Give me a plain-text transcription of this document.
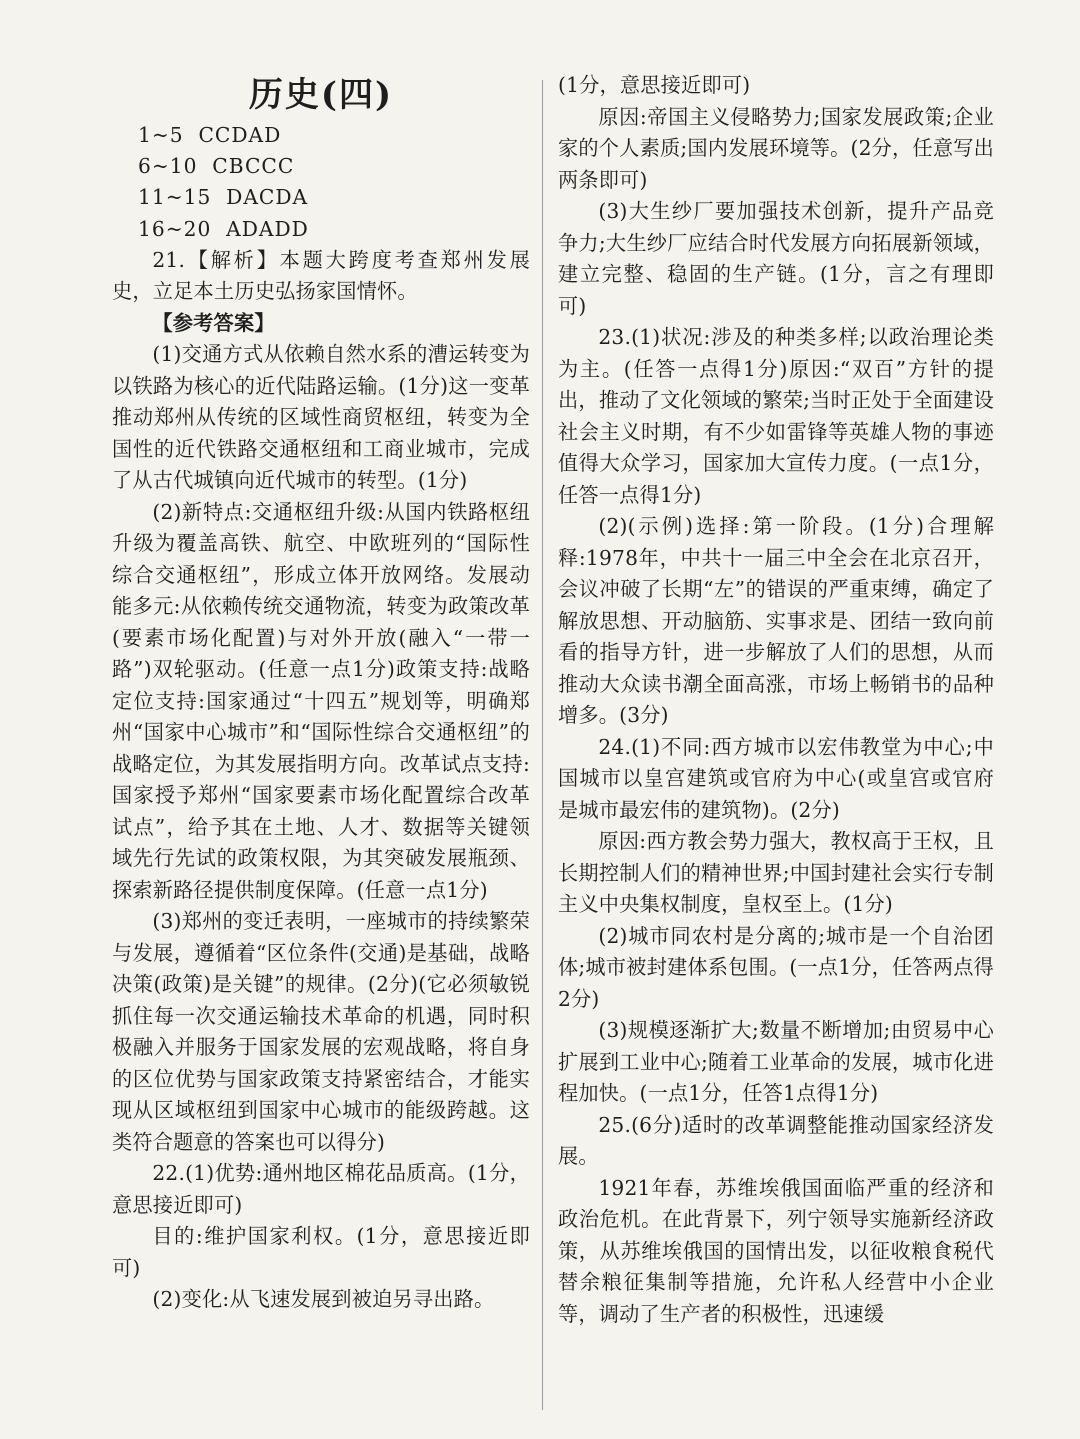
历史(四)

1~5 CCDAD

6~10 CBCCC

11~15 DACDA

16~20 ADADD

21.【解析】本题大跨度考查郑州发展史，立足本土历史弘扬家国情怀。

【参考答案】

(1)交通方式从依赖自然水系的漕运转变为以铁路为核心的近代陆路运输。(1分)这一变革推动郑州从传统的区域性商贸枢纽，转变为全国性的近代铁路交通枢纽和工商业城市，完成了从古代城镇向近代城市的转型。(1分)

(2)新特点:交通枢纽升级:从国内铁路枢纽升级为覆盖高铁、航空、中欧班列的“国际性综合交通枢纽”，形成立体开放网络。发展动能多元:从依赖传统交通物流，转变为政策改革(要素市场化配置)与对外开放(融入“一带一路”)双轮驱动。(任意一点1分)政策支持:战略定位支持:国家通过“十四五”规划等，明确郑州“国家中心城市”和“国际性综合交通枢纽”的战略定位，为其发展指明方向。改革试点支持:国家授予郑州“国家要素市场化配置综合改革试点”，给予其在土地、人才、数据等关键领域先行先试的政策权限，为其突破发展瓶颈、探索新路径提供制度保障。(任意一点1分)

(3)郑州的变迁表明，一座城市的持续繁荣与发展，遵循着“区位条件(交通)是基础，战略决策(政策)是关键”的规律。(2分)(它必须敏锐抓住每一次交通运输技术革命的机遇，同时积极融入并服务于国家发展的宏观战略，将自身的区位优势与国家政策支持紧密结合，才能实现从区域枢纽到国家中心城市的能级跨越。这类符合题意的答案也可以得分)

22.(1)优势:通州地区棉花品质高。(1分，意思接近即可)

目的:维护国家利权。(1分，意思接近即可)

(2)变化:从飞速发展到被迫另寻出路。

(1分，意思接近即可)

原因:帝国主义侵略势力;国家发展政策;企业家的个人素质;国内发展环境等。(2分，任意写出两条即可)

(3)大生纱厂要加强技术创新，提升产品竞争力;大生纱厂应结合时代发展方向拓展新领域，建立完整、稳固的生产链。(1分，言之有理即可)

23.(1)状况:涉及的种类多样;以政治理论类为主。(任答一点得1分)原因:“双百”方针的提出，推动了文化领域的繁荣;当时正处于全面建设社会主义时期，有不少如雷锋等英雄人物的事迹值得大众学习，国家加大宣传力度。(一点1分，任答一点得1分)

(2)(示例)选择:第一阶段。(1分)合理解释:1978年，中共十一届三中全会在北京召开，会议冲破了长期“左”的错误的严重束缚，确定了解放思想、开动脑筋、实事求是、团结一致向前看的指导方针，进一步解放了人们的思想，从而推动大众读书潮全面高涨，市场上畅销书的品种增多。(3分)

24.(1)不同:西方城市以宏伟教堂为中心;中国城市以皇宫建筑或官府为中心(或皇宫或官府是城市最宏伟的建筑物)。(2分)

原因:西方教会势力强大，教权高于王权，且长期控制人们的精神世界;中国封建社会实行专制主义中央集权制度，皇权至上。(1分)

(2)城市同农村是分离的;城市是一个自治团体;城市被封建体系包围。(一点1分，任答两点得2分)

(3)规模逐渐扩大;数量不断增加;由贸易中心扩展到工业中心;随着工业革命的发展，城市化进程加快。(一点1分，任答1点得1分)

25.(6分)适时的改革调整能推动国家经济发展。

1921年春，苏维埃俄国面临严重的经济和政治危机。在此背景下，列宁领导实施新经济政策，从苏维埃俄国的国情出发，以征收粮食税代替余粮征集制等措施，允许私人经营中小企业等，调动了生产者的积极性，迅速缓
